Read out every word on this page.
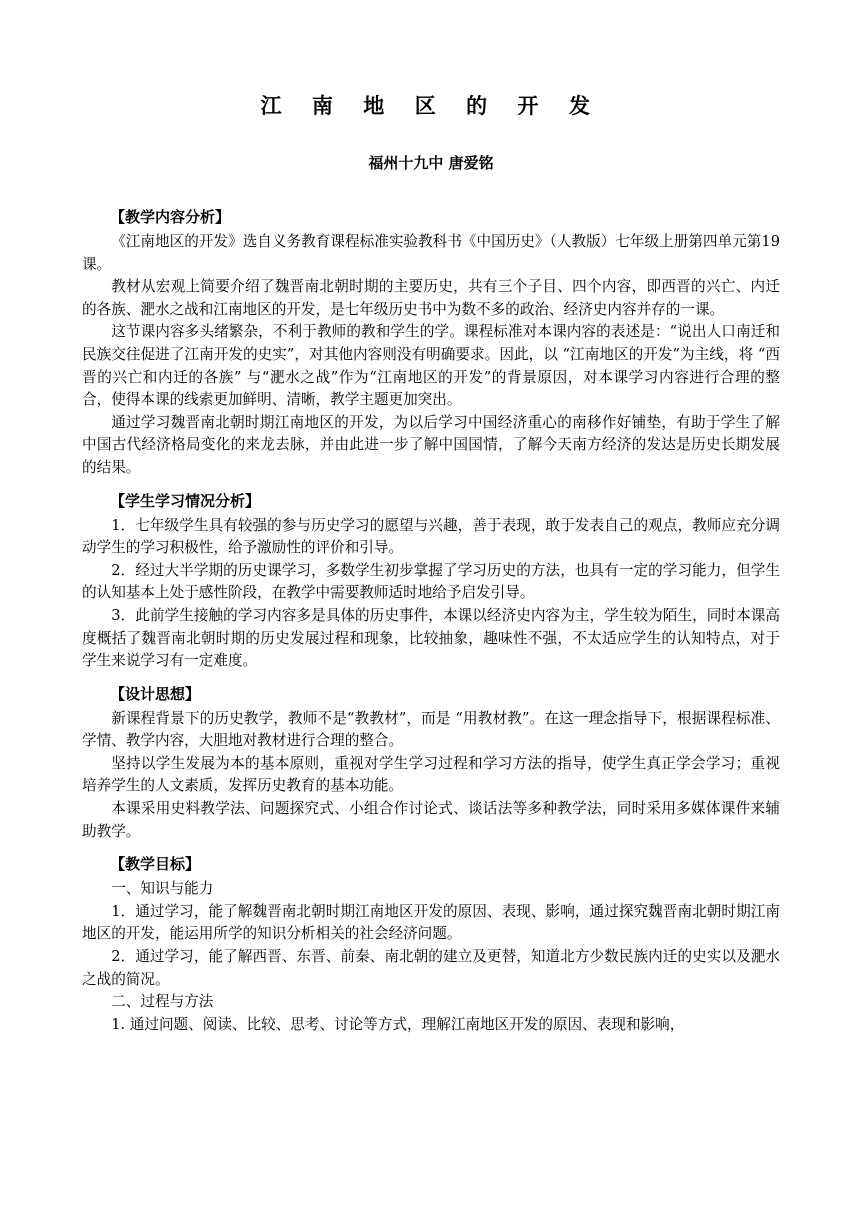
江 南 地 区 的 开 发
福州十九中 唐爱铭
【教学内容分析】

《江南地区的开发》选自义务教育课程标准实验教科书《中国历史》（人教版）七年级上册第四单元第19课。

教材从宏观上简要介绍了魏晋南北朝时期的主要历史，共有三个子目、四个内容，即西晋的兴亡、内迁的各族、淝水之战和江南地区的开发，是七年级历史书中为数不多的政治、经济史内容并存的一课。

这节课内容多头绪繁杂，不利于教师的教和学生的学。课程标准对本课内容的表述是：“说出人口南迁和民族交往促进了江南开发的史实”，对其他内容则没有明确要求。因此，以 “江南地区的开发”为主线，将 “西晋的兴亡和内迁的各族” 与“淝水之战”作为“江南地区的开发”的背景原因，对本课学习内容进行合理的整合，使得本课的线索更加鲜明、清晰，教学主题更加突出。

通过学习魏晋南北朝时期江南地区的开发，为以后学习中国经济重心的南移作好铺垫，有助于学生了解中国古代经济格局变化的来龙去脉，并由此进一步了解中国国情，了解今天南方经济的发达是历史长期发展的结果。

【学生学习情况分析】

1．七年级学生具有较强的参与历史学习的愿望与兴趣，善于表现，敢于发表自己的观点，教师应充分调动学生的学习积极性，给予激励性的评价和引导。

2．经过大半学期的历史课学习，多数学生初步掌握了学习历史的方法，也具有一定的学习能力，但学生的认知基本上处于感性阶段，在教学中需要教师适时地给予启发引导。

3．此前学生接触的学习内容多是具体的历史事件，本课以经济史内容为主，学生较为陌生，同时本课高度概括了魏晋南北朝时期的历史发展过程和现象，比较抽象，趣味性不强，不太适应学生的认知特点，对于学生来说学习有一定难度。

【设计思想】

新课程背景下的历史教学，教师不是“教教材”，而是 “用教材教”。在这一理念指导下，根据课程标准、学情、教学内容，大胆地对教材进行合理的整合。

坚持以学生发展为本的基本原则，重视对学生学习过程和学习方法的指导，使学生真正学会学习；重视培养学生的人文素质，发挥历史教育的基本功能。

本课采用史料教学法、问题探究式、小组合作讨论式、谈话法等多种教学法，同时采用多媒体课件来辅助教学。

【教学目标】

一、知识与能力

1．通过学习，能了解魏晋南北朝时期江南地区开发的原因、表现、影响，通过探究魏晋南北朝时期江南地区的开发，能运用所学的知识分析相关的社会经济问题。

2．通过学习，能了解西晋、东晋、前秦、南北朝的建立及更替，知道北方少数民族内迁的史实以及淝水之战的简况。

二、过程与方法

1. 通过问题、阅读、比较、思考、讨论等方式，理解江南地区开发的原因、表现和影响，
